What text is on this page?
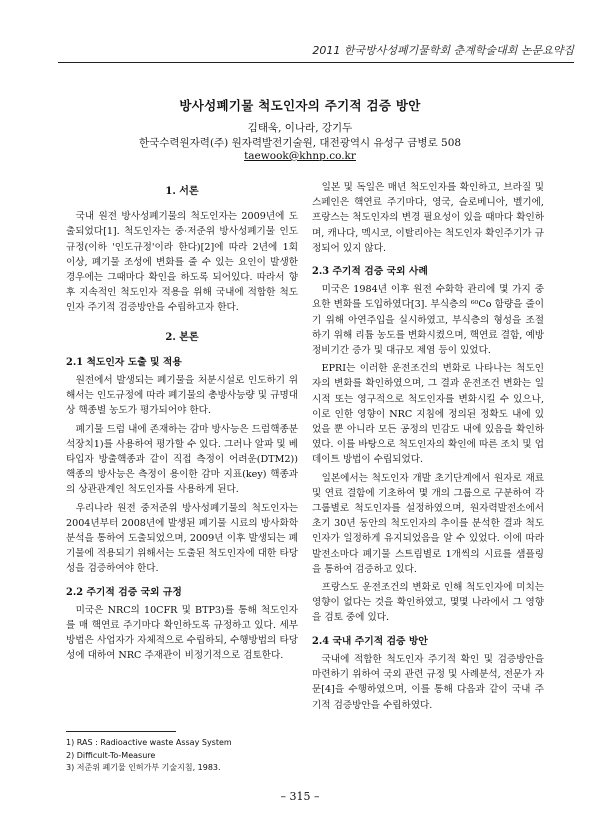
2011 한국방사성폐기물학회 춘계학술대회 논문요약집
방사성폐기물 척도인자의 주기적 검증 방안
김태욱, 이나라, 강기두
한국수력원자력(주) 원자력발전기술원, 대전광역시 유성구 금병로 508
taewook@khnp.co.kr
1. 서론

국내 원전 방사성폐기물의 척도인자는 2009년에 도출되었다[1]. 척도인자는 중·저준위 방사성폐기물 인도규정(이하 '인도규정'이라 한다)[2]에 따라 2년에 1회 이상, 폐기물 조성에 변화를 줄 수 있는 요인이 발생한 경우에는 그때마다 확인을 하도록 되어있다. 따라서 향후 지속적인 척도인자 적용을 위해 국내에 적합한 척도인자 주기적 검증방안을 수립하고자 한다.

2. 본론
2.1 척도인자 도출 및 적용

원전에서 발생되는 폐기물을 처분시설로 인도하기 위해서는 인도규정에 따라 폐기물의 총방사능량 및 규명대상 핵종별 농도가 평가되어야 한다.

폐기물 드럼 내에 존재하는 감마 방사능은 드럼핵종분석장치1)를 사용하여 평가할 수 있다. 그러나 알파 및 베타입자 방출핵종과 같이 직접 측정이 어려운(DTM2)) 핵종의 방사능은 측정이 용이한 감마 지표(key) 핵종과의 상관관계인 척도인자를 사용하게 된다.

우리나라 원전 중저준위 방사성폐기물의 척도인자는 2004년부터 2008년에 발생된 폐기물 시료의 방사화학분석을 통하여 도출되었으며, 2009년 이후 발생되는 폐기물에 적용되기 위해서는 도출된 척도인자에 대한 타당성을 검증하여야 한다.

2.2 주기적 검증 국외 규정

미국은 NRC의 10CFR 및 BTP3)를 통해 척도인자를 매 핵연료 주기마다 확인하도록 규정하고 있다. 세부 방법은 사업자가 자체적으로 수립하되, 수행방법의 타당성에 대하여 NRC 주재관이 비정기적으로 검토한다.

일본 및 독일은 매년 척도인자를 확인하고, 브라질 및 스페인은 핵연료 주기마다, 영국, 슬로베니아, 벨기에, 프랑스는 척도인자의 변경 필요성이 있을 때마다 확인하며, 캐나다, 멕시코, 이탈리아는 척도인자 확인주기가 규정되어 있지 않다.

2.3 주기적 검증 국외 사례

미국은 1984년 이후 원전 수화학 관리에 몇 가지 중요한 변화를 도입하였다[3]. 부식층의 ⁶⁰Co 함량을 줄이기 위해 아연주입을 실시하였고, 부식층의 형성을 조절하기 위해 리튬 농도를 변화시켰으며, 핵연료 결함, 예방정비기간 증가 및 대규모 제염 등이 있었다.

EPRI는 이러한 운전조건의 변화로 나타나는 척도인자의 변화를 확인하였으며, 그 결과 운전조건 변화는 일시적 또는 영구적으로 척도인자를 변화시킬 수 있으나, 이로 인한 영향이 NRC 지침에 정의된 정확도 내에 있었을 뿐 아니라 모든 공정의 민감도 내에 있음을 확인하였다. 이를 바탕으로 척도인자의 확인에 따른 조치 및 업데이트 방법이 수립되었다.

일본에서는 척도인자 개발 초기단계에서 원자로 재료 및 연료 결함에 기초하여 몇 개의 그룹으로 구분하여 각 그룹별로 척도인자를 설정하였으며, 원자력발전소에서 초기 30년 동안의 척도인자의 추이를 분석한 결과 척도인자가 일정하게 유지되었음을 알 수 있었다. 이에 따라 발전소마다 폐기물 스트림별로 1개씩의 시료를 샘플링을 통하여 검증하고 있다.

프랑스도 운전조건의 변화로 인해 척도인자에 미치는 영향이 없다는 것을 확인하였고, 몇몇 나라에서 그 영향을 검토 중에 있다.

2.4 국내 주기적 검증 방안

국내에 적합한 척도인자 주기적 확인 및 검증방안을 마련하기 위하여 국외 관련 규정 및 사례분석, 전문가 자문[4]을 수행하였으며, 이를 통해 다음과 같이 국내 주기적 검증방안을 수립하였다.

1) RAS : Radioactive waste Assay System
2) Difficult-To-Measure
3) 저준위 폐기물 인허가부 기술지침, 1983.
– 315 –
